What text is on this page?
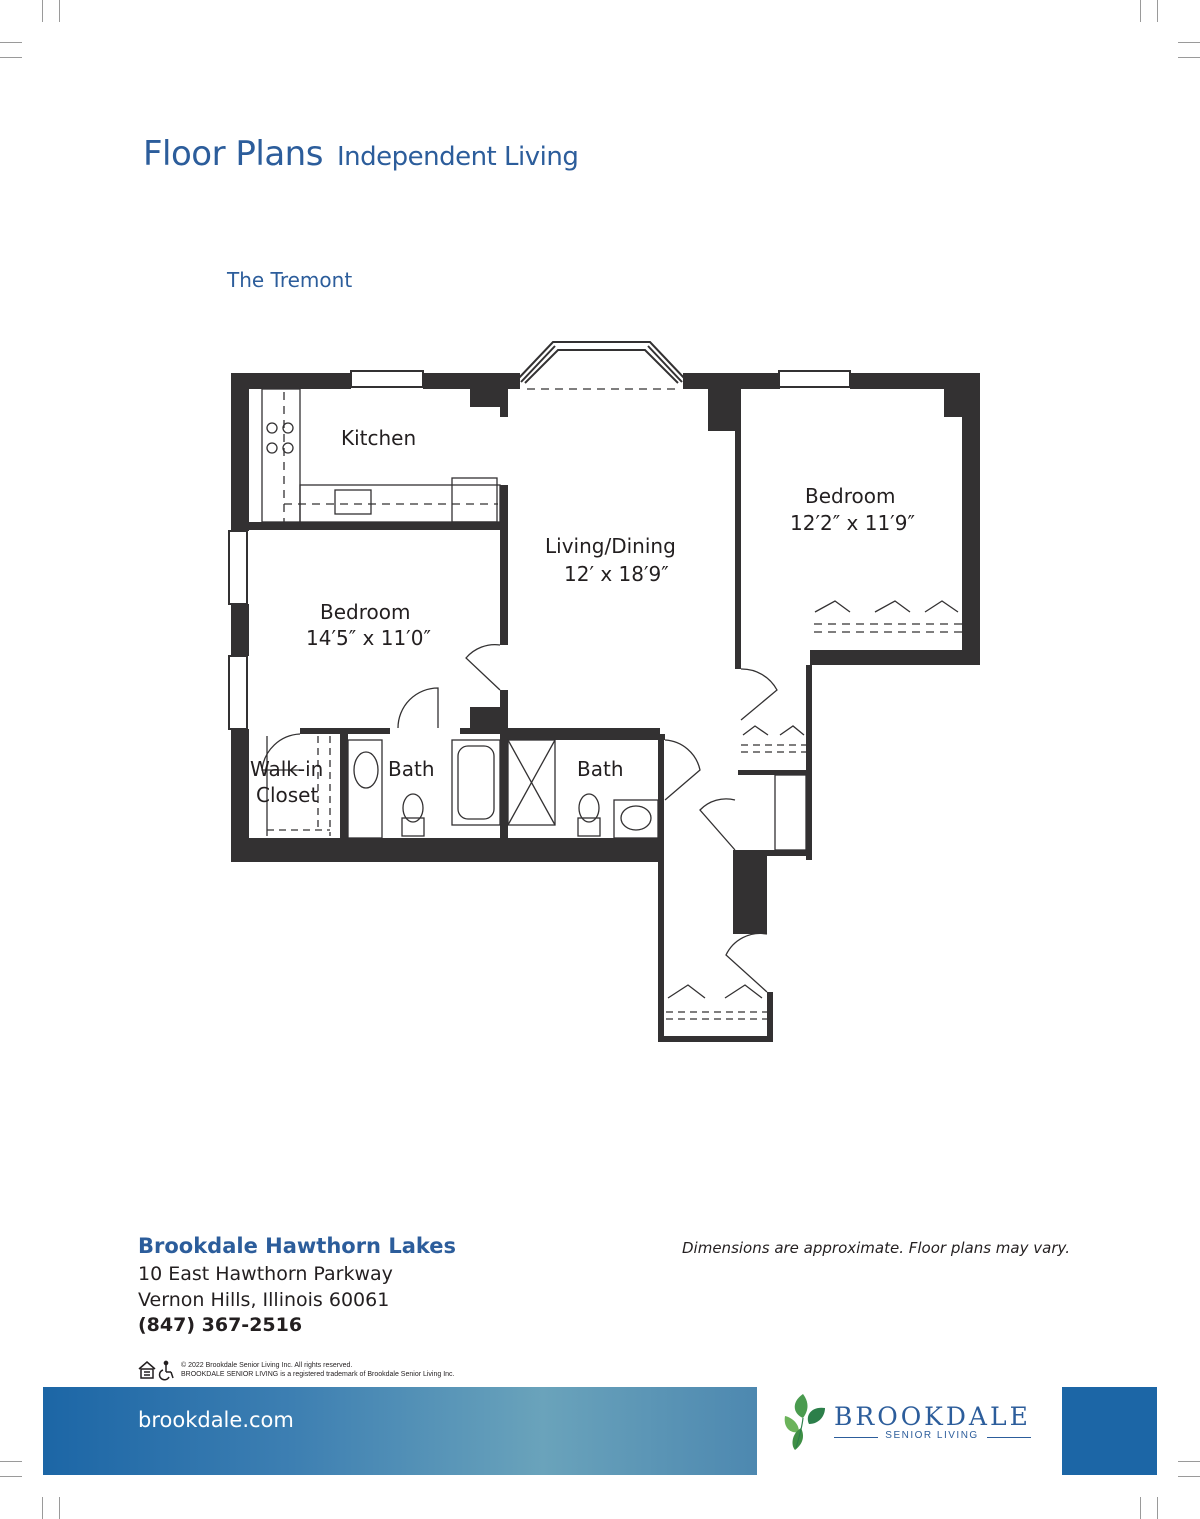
Floor Plans Independent Living
The Tremont
Kitchen
Living/Dining
12′ x 18′9″
Bedroom
12′2″ x 11′9″
Bedroom
14′5″ x 11′0″
Walk-in
Closet
Bath	Bath
Brookdale Hawthorn Lakes
10 East Hawthorn Parkway
Vernon Hills, Illinois 60061
(847) 367-2516
Dimensions are approximate. Floor plans may vary.
© 2022 Brookdale Senior Living Inc. All rights reserved.
BROOKDALE SENIOR LIVING is a registered trademark of Brookdale Senior Living Inc.
brookdale.com	BROOKDALE
SENIOR LIVING
